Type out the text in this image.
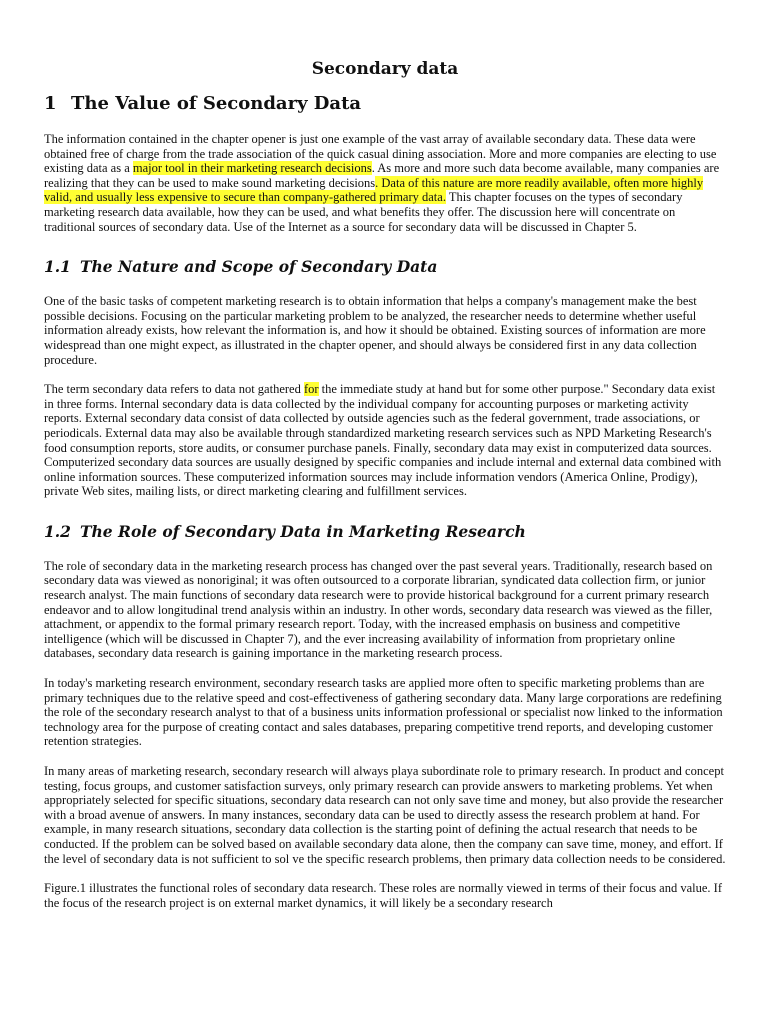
Secondary data
1 The Value of Secondary Data

The information contained in the chapter opener is just one example of the vast array of available secondary data. These data were obtained free of charge from the trade association of the quick casual dining association. More and more companies are electing to use existing data as a major tool in their marketing research decisions. As more and more such data become available, many companies are realizing that they can be used to make sound marketing decisions. Data of this nature are more readily available, often more highly valid, and usually less expensive to secure than company-gathered primary data. This chapter focuses on the types of secondary marketing research data available, how they can be used, and what benefits they offer. The discussion here will concentrate on traditional sources of secondary data. Use of the Internet as a source for secondary data will be discussed in Chapter 5.

1.1 The Nature and Scope of Secondary Data

One of the basic tasks of competent marketing research is to obtain information that helps a company's management make the best possible decisions. Focusing on the particular marketing problem to be analyzed, the researcher needs to determine whether useful information already exists, how relevant the information is, and how it should be obtained. Existing sources of information are more widespread than one might expect, as illustrated in the chapter opener, and should always be considered first in any data collection procedure.

The term secondary data refers to data not gathered for the immediate study at hand but for some other purpose." Secondary data exist in three forms. Internal secondary data is data collected by the individual company for accounting purposes or marketing activity reports. External secondary data consist of data collected by outside agencies such as the federal government, trade associations, or periodicals. External data may also be available through standardized marketing research services such as NPD Marketing Research's food consumption reports, store audits, or consumer purchase panels. Finally, secondary data may exist in computerized data sources. Computerized secondary data sources are usually designed by specific companies and include internal and external data combined with online information sources. These computerized information sources may include information vendors (America Online, Prodigy), private Web sites, mailing lists, or direct marketing clearing and fulfillment services.

1.2 The Role of Secondary Data in Marketing Research

The role of secondary data in the marketing research process has changed over the past several years. Traditionally, research based on secondary data was viewed as nonoriginal; it was often outsourced to a corporate librarian, syndicated data collection firm, or junior research analyst. The main functions of secondary data research were to provide historical background for a current primary research endeavor and to allow longitudinal trend analysis within an industry. In other words, secondary data research was viewed as the filler, attachment, or appendix to the formal primary research report. Today, with the increased emphasis on business and competitive intelligence (which will be discussed in Chapter 7), and the ever increasing availability of information from proprietary online databases, secondary data research is gaining importance in the marketing research process.

In today's marketing research environment, secondary research tasks are applied more often to specific marketing problems than are primary techniques due to the relative speed and cost-effectiveness of gathering secondary data. Many large corporations are redefining the role of the secondary research analyst to that of a business units information professional or specialist now linked to the information technology area for the purpose of creating contact and sales databases, preparing competitive trend reports, and developing customer retention strategies.

In many areas of marketing research, secondary research will always playa subordinate role to primary research. In product and concept testing, focus groups, and customer satisfaction surveys, only primary research can provide answers to marketing problems. Yet when appropriately selected for specific situations, secondary data research can not only save time and money, but also provide the researcher with a broad avenue of answers. In many instances, secondary data can be used to directly assess the research problem at hand. For example, in many research situations, secondary data collection is the starting point of defining the actual research that needs to be conducted. If the problem can be solved based on available secondary data alone, then the company can save time, money, and effort. If the level of secondary data is not sufficient to sol ve the specific research problems, then primary data collection needs to be considered.

Figure.1 illustrates the functional roles of secondary data research. These roles are normally viewed in terms of their focus and value. If the focus of the research project is on external market dynamics, it will likely be a secondary research
